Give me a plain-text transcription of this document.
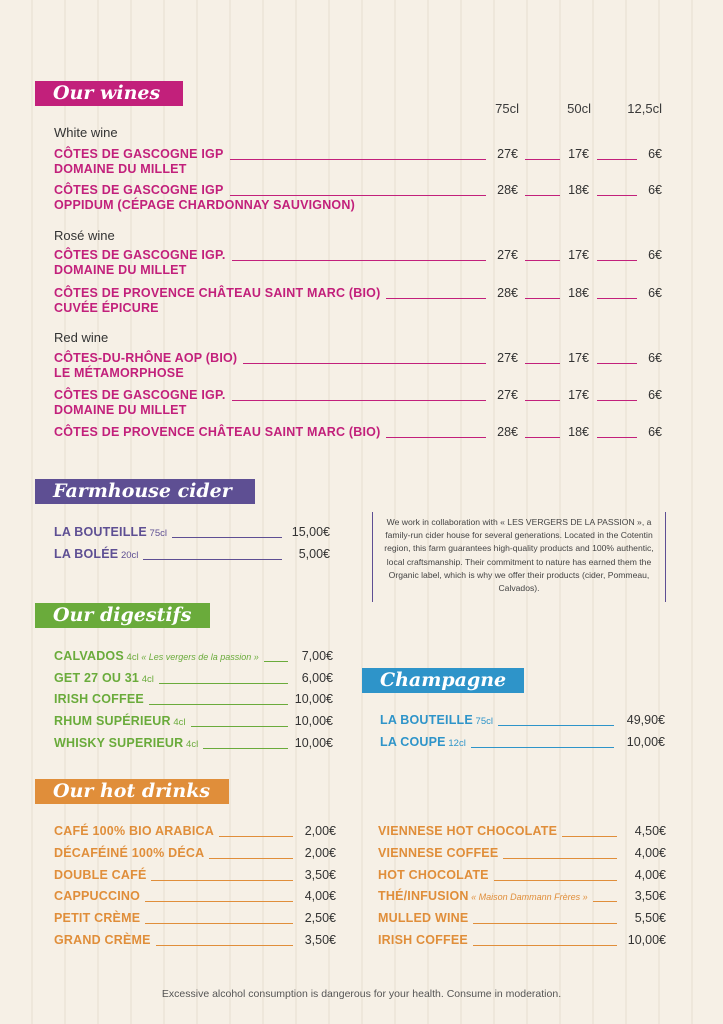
Our wines
75cl	50cl	12,5cl
White wine
CÔTES DE GASCOGNE IGP	27€	17€	6€
DOMAINE DU MILLET
CÔTES DE GASCOGNE IGP	28€	18€	6€
OPPIDUM (CÉPAGE CHARDONNAY SAUVIGNON)
Rosé wine
CÔTES DE GASCOGNE IGP.	27€	17€	6€
DOMAINE DU MILLET
CÔTES DE PROVENCE CHÂTEAU SAINT MARC (BIO)	28€	18€	6€
CUVÉE ÉPICURE
Red wine
CÔTES-DU-RHÔNE AOP (BIO)	27€	17€	6€
LE MÉTAMORPHOSE
CÔTES DE GASCOGNE IGP.	27€	17€	6€
DOMAINE DU MILLET
CÔTES DE PROVENCE CHÂTEAU SAINT MARC (BIO)	28€	18€	6€
Farmhouse cider
LA BOUTEILLE 75cl	15,00€
LA BOLÉE 20cl	5,00€
We work in collaboration with « LES VERGERS DE LA PASSION », a family-run cider house for several generations. Located in the Cotentin region, this farm guarantees high-quality products and 100% authentic, local craftsmanship. Their commitment to nature has earned them the Organic label, which is why we offer their products (cider, Pommeau, Calvados).
Our digestifs
CALVADOS 4cl « Les vergers de la passion »	7,00€
GET 27 OU 31 4cl	6,00€
IRISH COFFEE	10,00€
RHUM SUPÉRIEUR 4cl	10,00€
WHISKY SUPERIEUR 4cl	10,00€
Champagne
LA BOUTEILLE 75cl	49,90€
LA COUPE 12cl	10,00€
Our hot drinks
CAFÉ 100% BIO ARABICA	2,00€
DÉCAFÉINÉ 100% DÉCA	2,00€
DOUBLE CAFÉ	3,50€
CAPPUCCINO	4,00€
PETIT CRÈME	2,50€
GRAND CRÈME	3,50€
VIENNESE HOT CHOCOLATE	4,50€
VIENNESE COFFEE	4,00€
HOT CHOCOLATE	4,00€
THÉ/INFUSION « Maison Dammann Frères »	3,50€
MULLED WINE	5,50€
IRISH COFFEE	10,00€
Excessive alcohol consumption is dangerous for your health. Consume in moderation.
